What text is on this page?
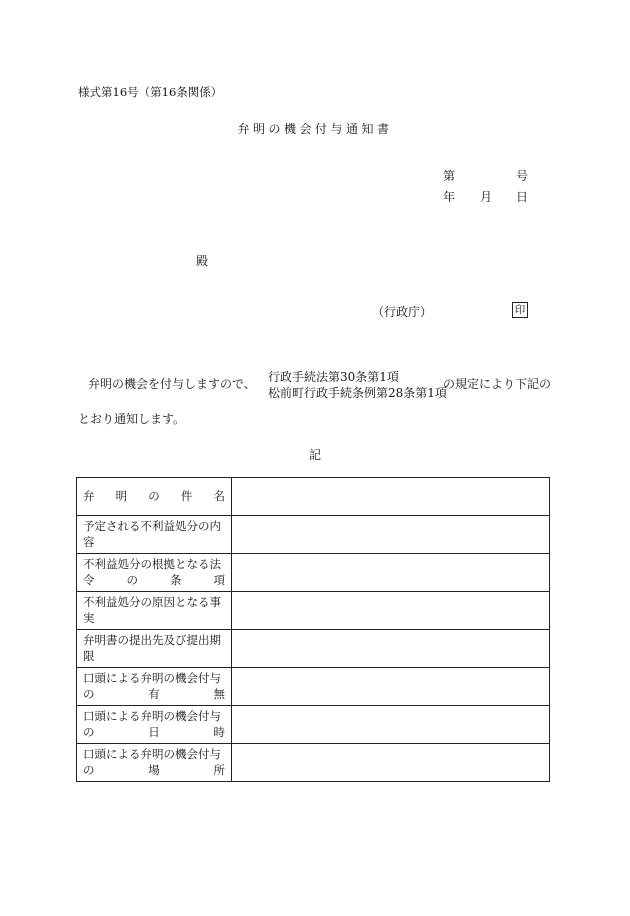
様式第16号（第16条関係）
弁明の機会付与通知書
第	号
年 月 日
殿
（行政庁）	印
弁明の機会を付与しますので、 行政手続法第30条第1項
松前町行政手続条例第28条第1項
の規定により下記の
とおり通知します。
記
弁 明 の 件 名	

予定される不利益処分の内
容	

不利益処分の根拠となる法
令 の 条 項	

不利益処分の原因となる事
実	

弁明書の提出先及び提出期
限	

口頭による弁明の機会付与
の 有 無	

口頭による弁明の機会付与
の 日 時	

口頭による弁明の機会付与
の 場 所	
